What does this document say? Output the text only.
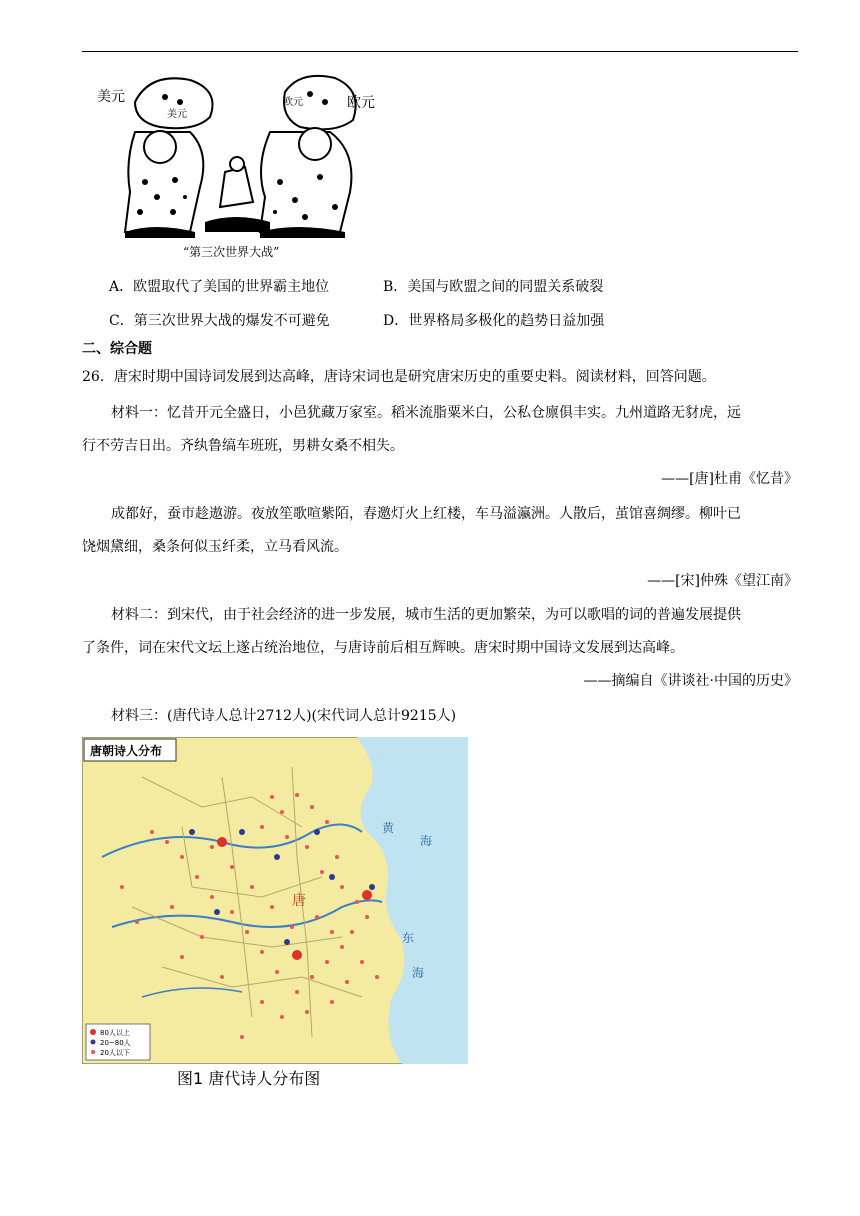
美元
美元
欧元	欧元
“第三次世界大战”
A．欧盟取代了美国的世界霸主地位	B．美国与欧盟之间的同盟关系破裂
C．第三次世界大战的爆发不可避免	D．世界格局多极化的趋势日益加强
二、综合题
26．唐宋时期中国诗词发展到达高峰，唐诗宋词也是研究唐宋历史的重要史料。阅读材料，回答问题。
材料一：忆昔开元全盛日，小邑犹藏万家室。稻米流脂粟米白，公私仓廪俱丰实。九州道路无豺虎，远
行不劳吉日出。齐纨鲁缟车班班，男耕女桑不相失。
——[唐]杜甫《忆昔》
成都好，蚕市趁遨游。夜放笙歌喧紫陌，春邀灯火上红楼，车马溢瀛洲。人散后，茧馆喜绸缪。柳叶已
饶烟黛细，桑条何似玉纤柔，立马看风流。
——[宋]仲殊《望江南》
材料二：到宋代，由于社会经济的进一步发展，城市生活的更加繁荣，为可以歌唱的词的普遍发展提供
了条件，词在宋代文坛上遂占统治地位，与唐诗前后相互辉映。唐宋时期中国诗文发展到达高峰。
——摘编自《讲谈社·中国的历史》
材料三：(唐代诗人总计2712人)(宋代词人总计9215人)
唐朝诗人分布
黄
海
东
海
唐
80人以上
20~80人
20人以下
图1 唐代诗人分布图
